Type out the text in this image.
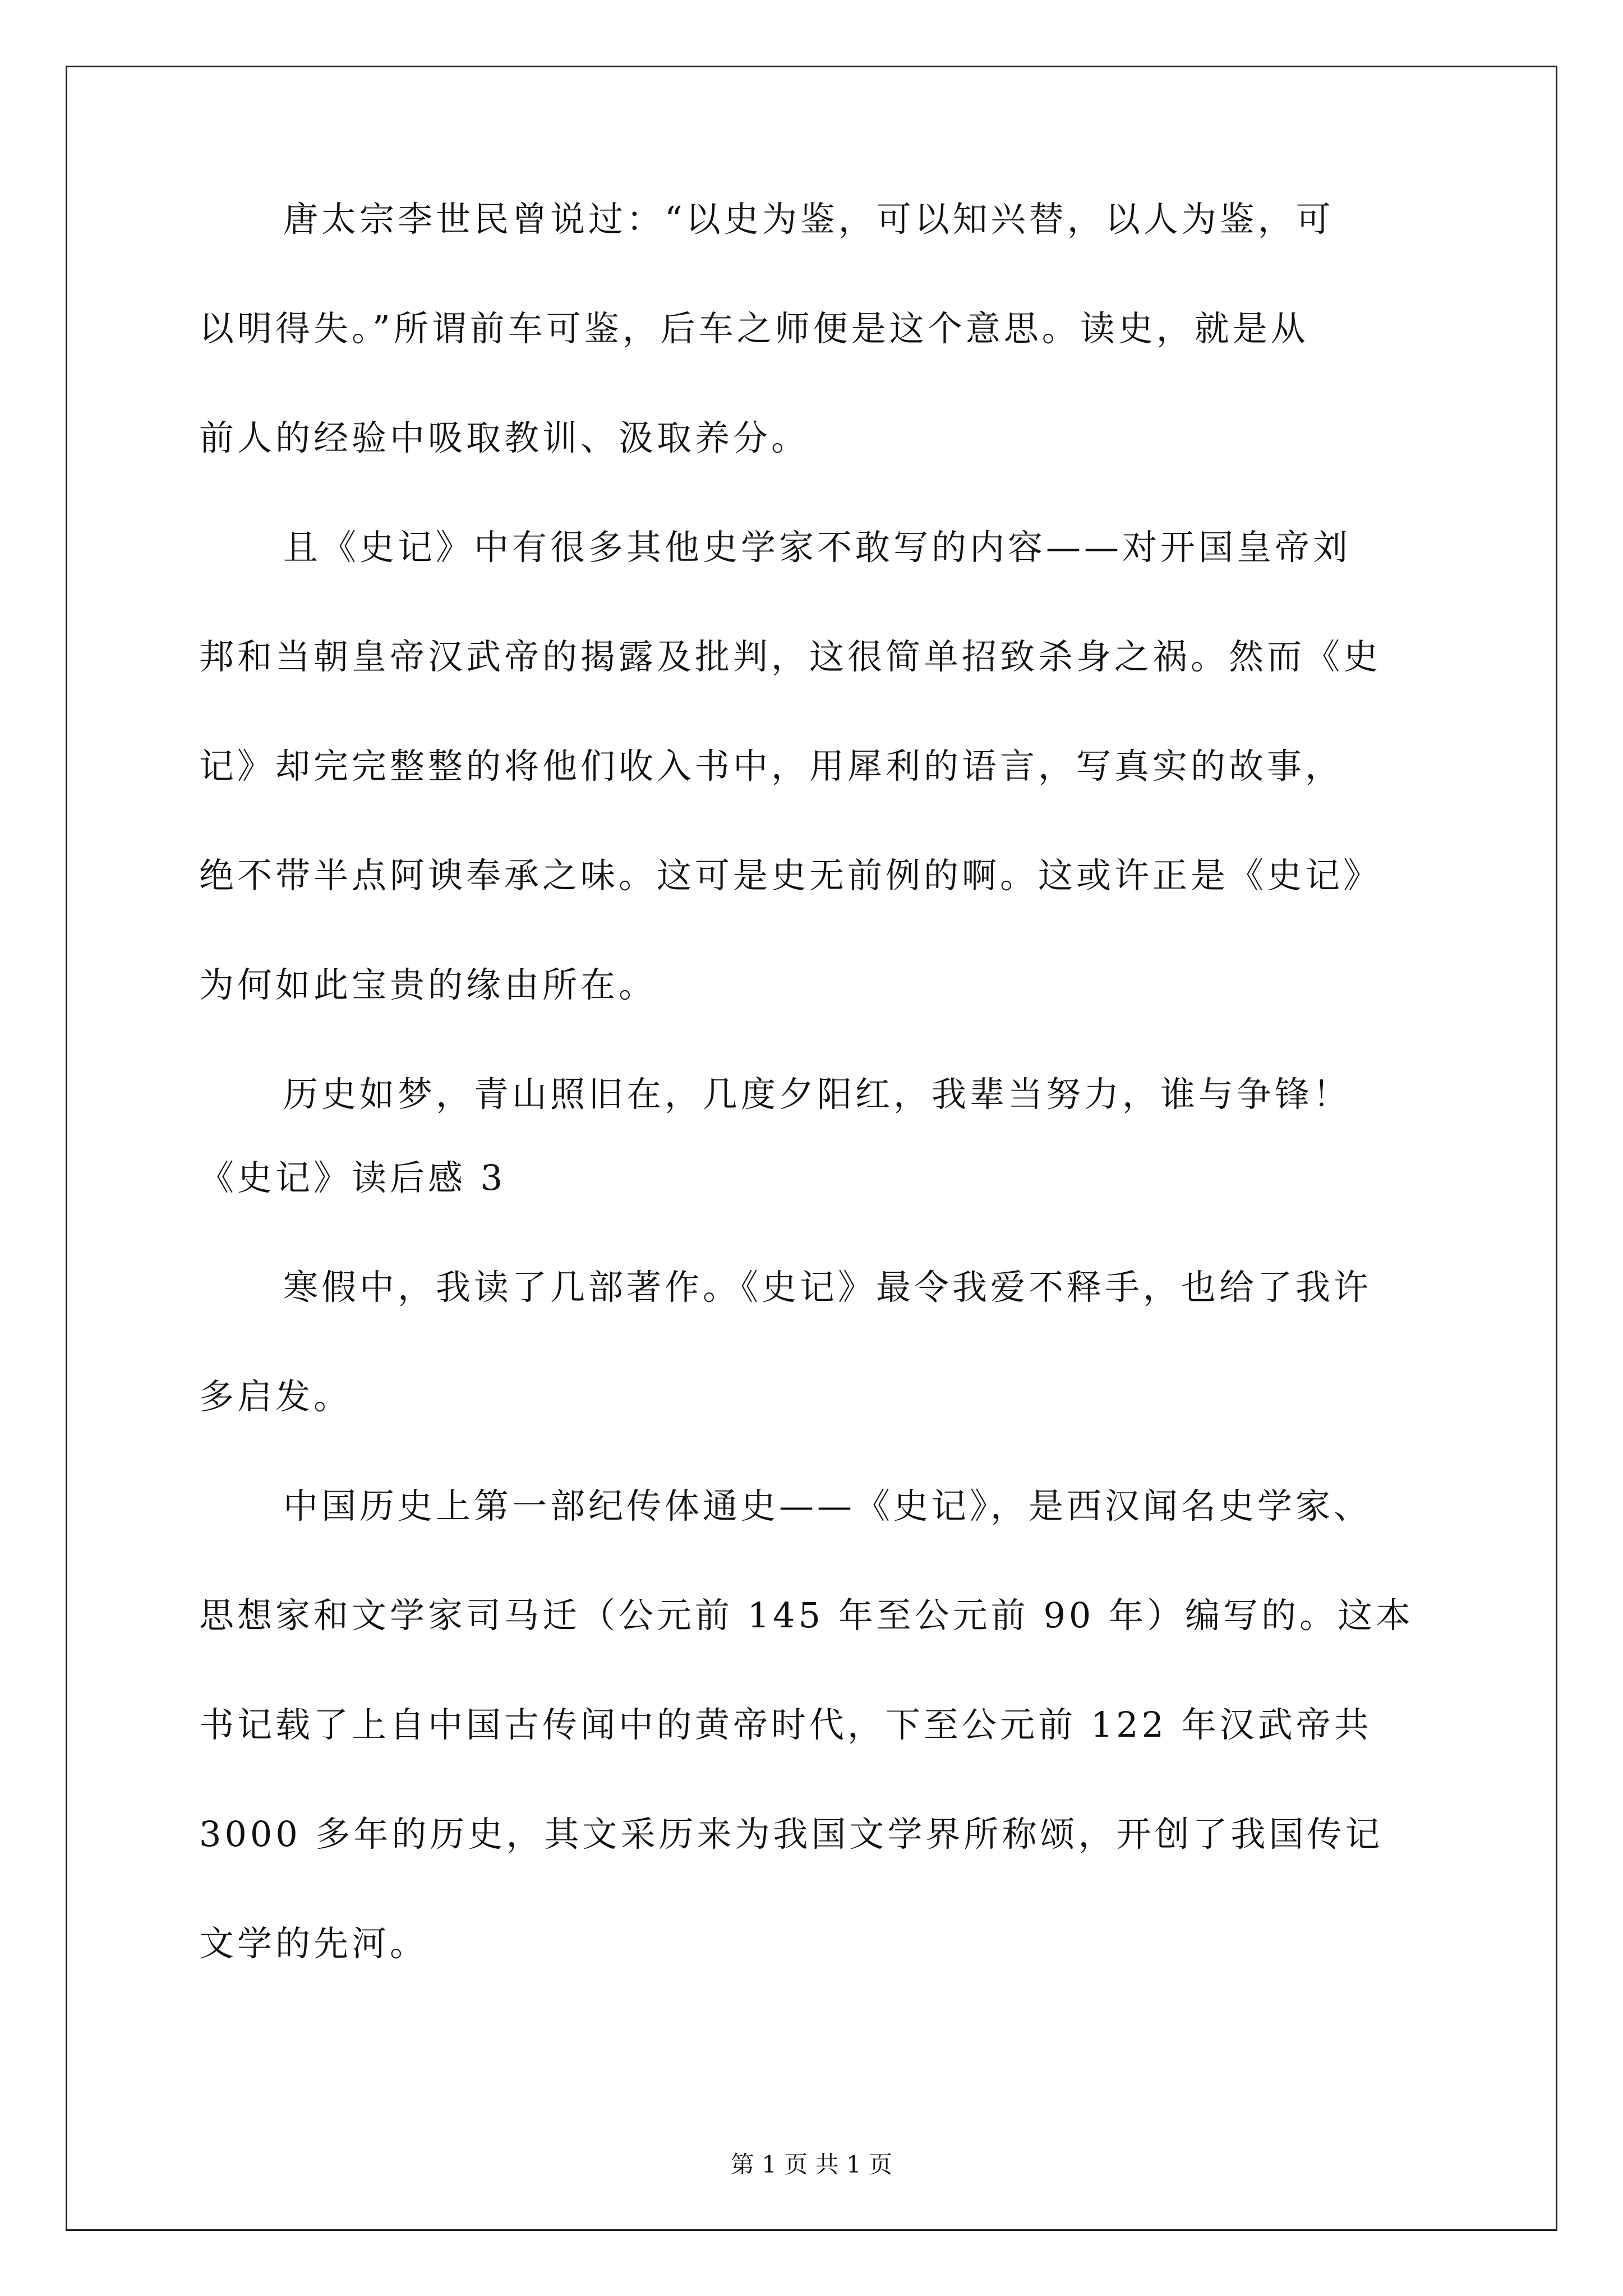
唐太宗李世民曾说过：“以史为鉴，可以知兴替，以人为鉴，可

以明得失。”所谓前车可鉴，后车之师便是这个意思。读史，就是从

前人的经验中吸取教训、汲取养分。

且《史记》中有很多其他史学家不敢写的内容——对开国皇帝刘

邦和当朝皇帝汉武帝的揭露及批判，这很简单招致杀身之祸。然而《史

记》却完完整整的将他们收入书中，用犀利的语言，写真实的故事，

绝不带半点阿谀奉承之味。这可是史无前例的啊。这或许正是《史记》

为何如此宝贵的缘由所在。

历史如梦，青山照旧在，几度夕阳红，我辈当努力，谁与争锋！

《史记》读后感 3

寒假中，我读了几部著作。《史记》最令我爱不释手，也给了我许

多启发。

中国历史上第一部纪传体通史——《史记》，是西汉闻名史学家、

思想家和文学家司马迁（公元前 145 年至公元前 90 年）编写的。这本

书记载了上自中国古传闻中的黄帝时代，下至公元前 122 年汉武帝共

3000 多年的历史，其文采历来为我国文学界所称颂，开创了我国传记

文学的先河。

第 1 页 共 1 页
